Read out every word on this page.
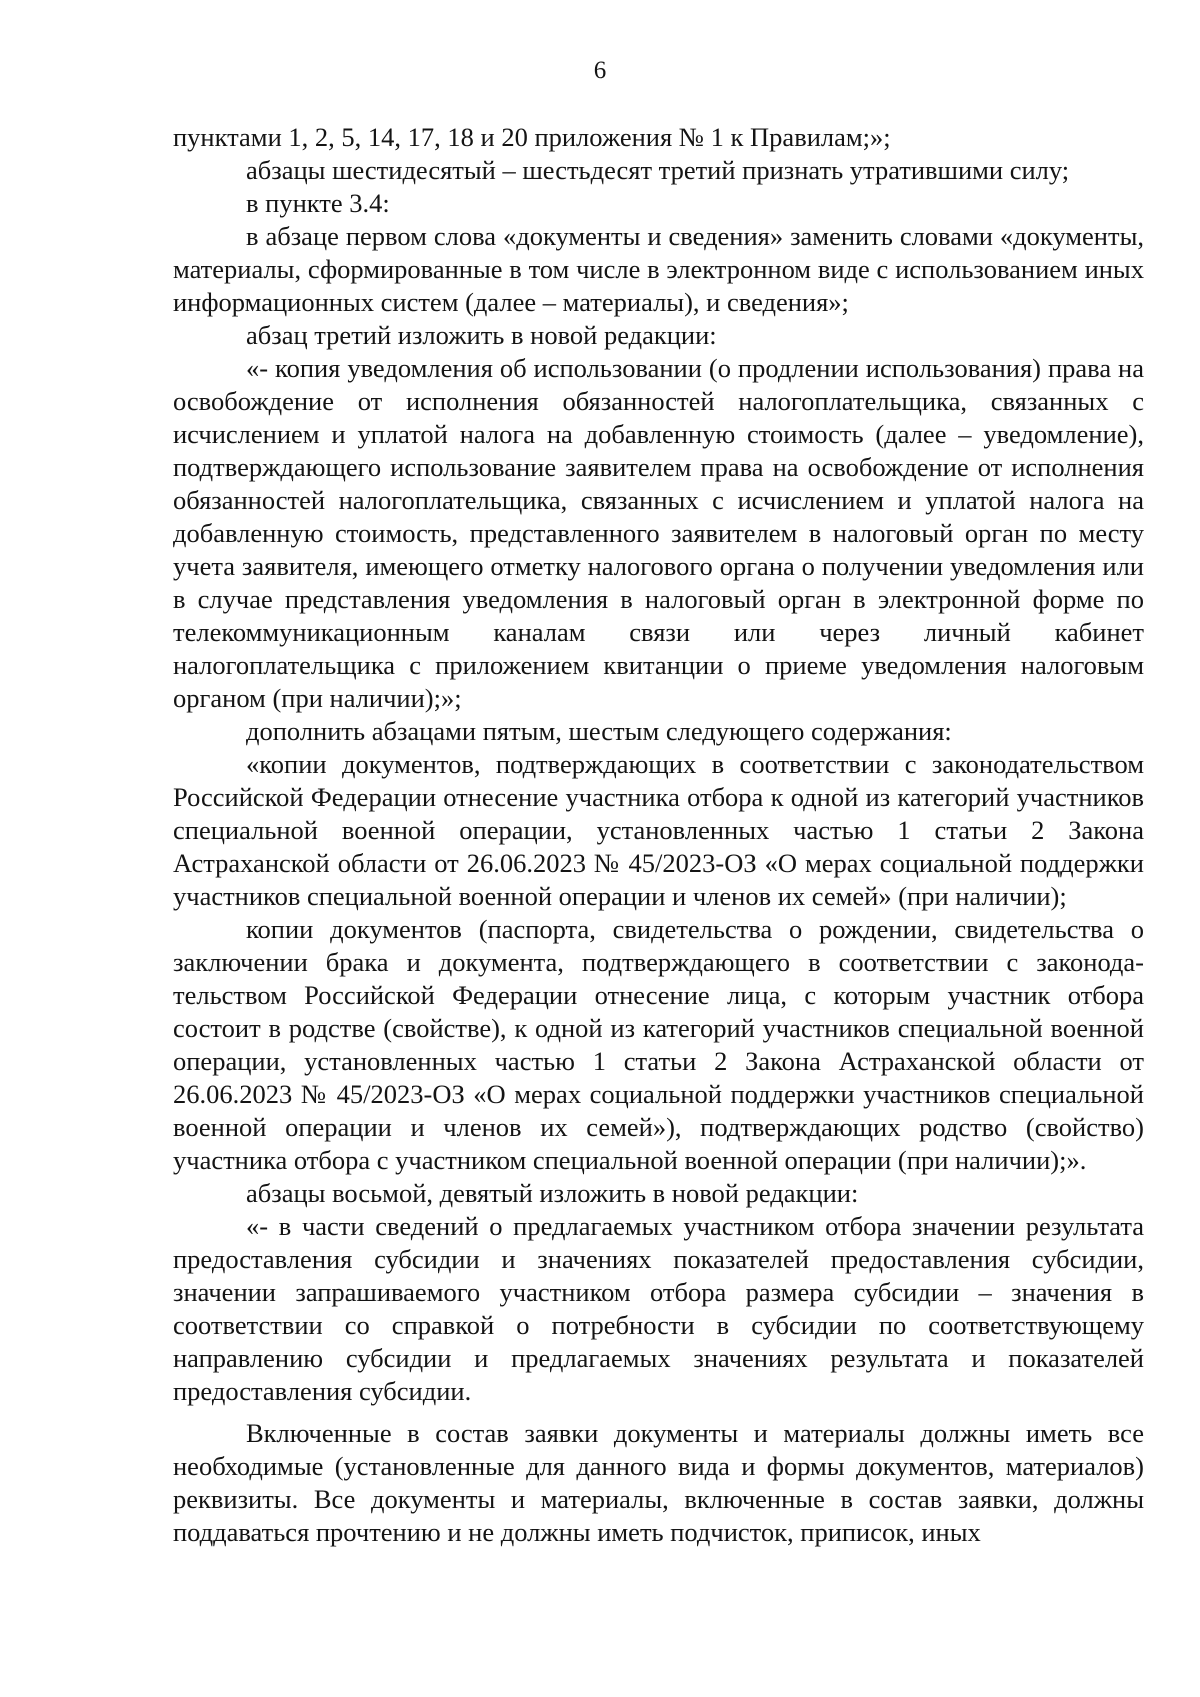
6

пунктами 1, 2, 5, 14, 17, 18 и 20 приложения № 1 к Правилам;»;

абзацы шестидесятый – шестьдесят третий признать утратившими силу;

в пункте 3.4:

в абзаце первом слова «документы и сведения» заменить словами «документы, материалы, сформированные в том числе в электронном виде с использованием иных информационных систем (далее – материалы), и сведения»;

абзац третий изложить в новой редакции:

«- копия уведомления об использовании (о продлении использования) права на освобождение от исполнения обязанностей налогоплательщика, связанных с исчислением и уплатой налога на добавленную стоимость (далее – уведомление), подтверждающего использование заявителем права на освобождение от исполнения обязанностей налогоплательщика, связанных с исчислением и уплатой налога на добавленную стоимость, представленного заявителем в налоговый орган по месту учета заявителя, имеющего отметку налогового органа о получении уведомления или в случае представления уведомления в налоговый орган в электронной форме по телекоммуникационным каналам связи или через личный кабинет налогоплательщика с приложением квитанции о приеме уведомления налоговым органом (при наличии);»;

дополнить абзацами пятым, шестым следующего содержания:

«копии документов, подтверждающих в соответствии с законодательством Российской Федерации отнесение участника отбора к одной из категорий участников специальной военной операции, установленных частью 1 статьи 2 Закона Астраханской области от 26.06.2023 № 45/2023-ОЗ «О мерах социальной поддержки участников специальной военной операции и членов их семей» (при наличии);

копии документов (паспорта, свидетельства о рождении, свидетельства о заключении брака и документа, подтверждающего в соответствии с законодательством Российской Федерации отнесение лица, с которым участник отбора состоит в родстве (свойстве), к одной из категорий участников специальной военной операции, установленных частью 1 статьи 2 Закона Астраханской области от 26.06.2023 № 45/2023-ОЗ «О мерах социальной поддержки участников специальной военной операции и членов их семей»), подтверждающих родство (свойство) участника отбора с участником специальной военной операции (при наличии);».

абзацы восьмой, девятый изложить в новой редакции:

«- в части сведений о предлагаемых участником отбора значении результата предоставления субсидии и значениях показателей предоставления субсидии, значении запрашиваемого участником отбора размера субсидии – значения в соответствии со справкой о потребности в субсидии по соответствующему направлению субсидии и предлагаемых значениях результата и показателей предоставления субсидии.

Включенные в состав заявки документы и материалы должны иметь все необходимые (установленные для данного вида и формы документов, материалов) реквизиты. Все документы и материалы, включенные в состав заявки, должны поддаваться прочтению и не должны иметь подчисток, приписок, иных
